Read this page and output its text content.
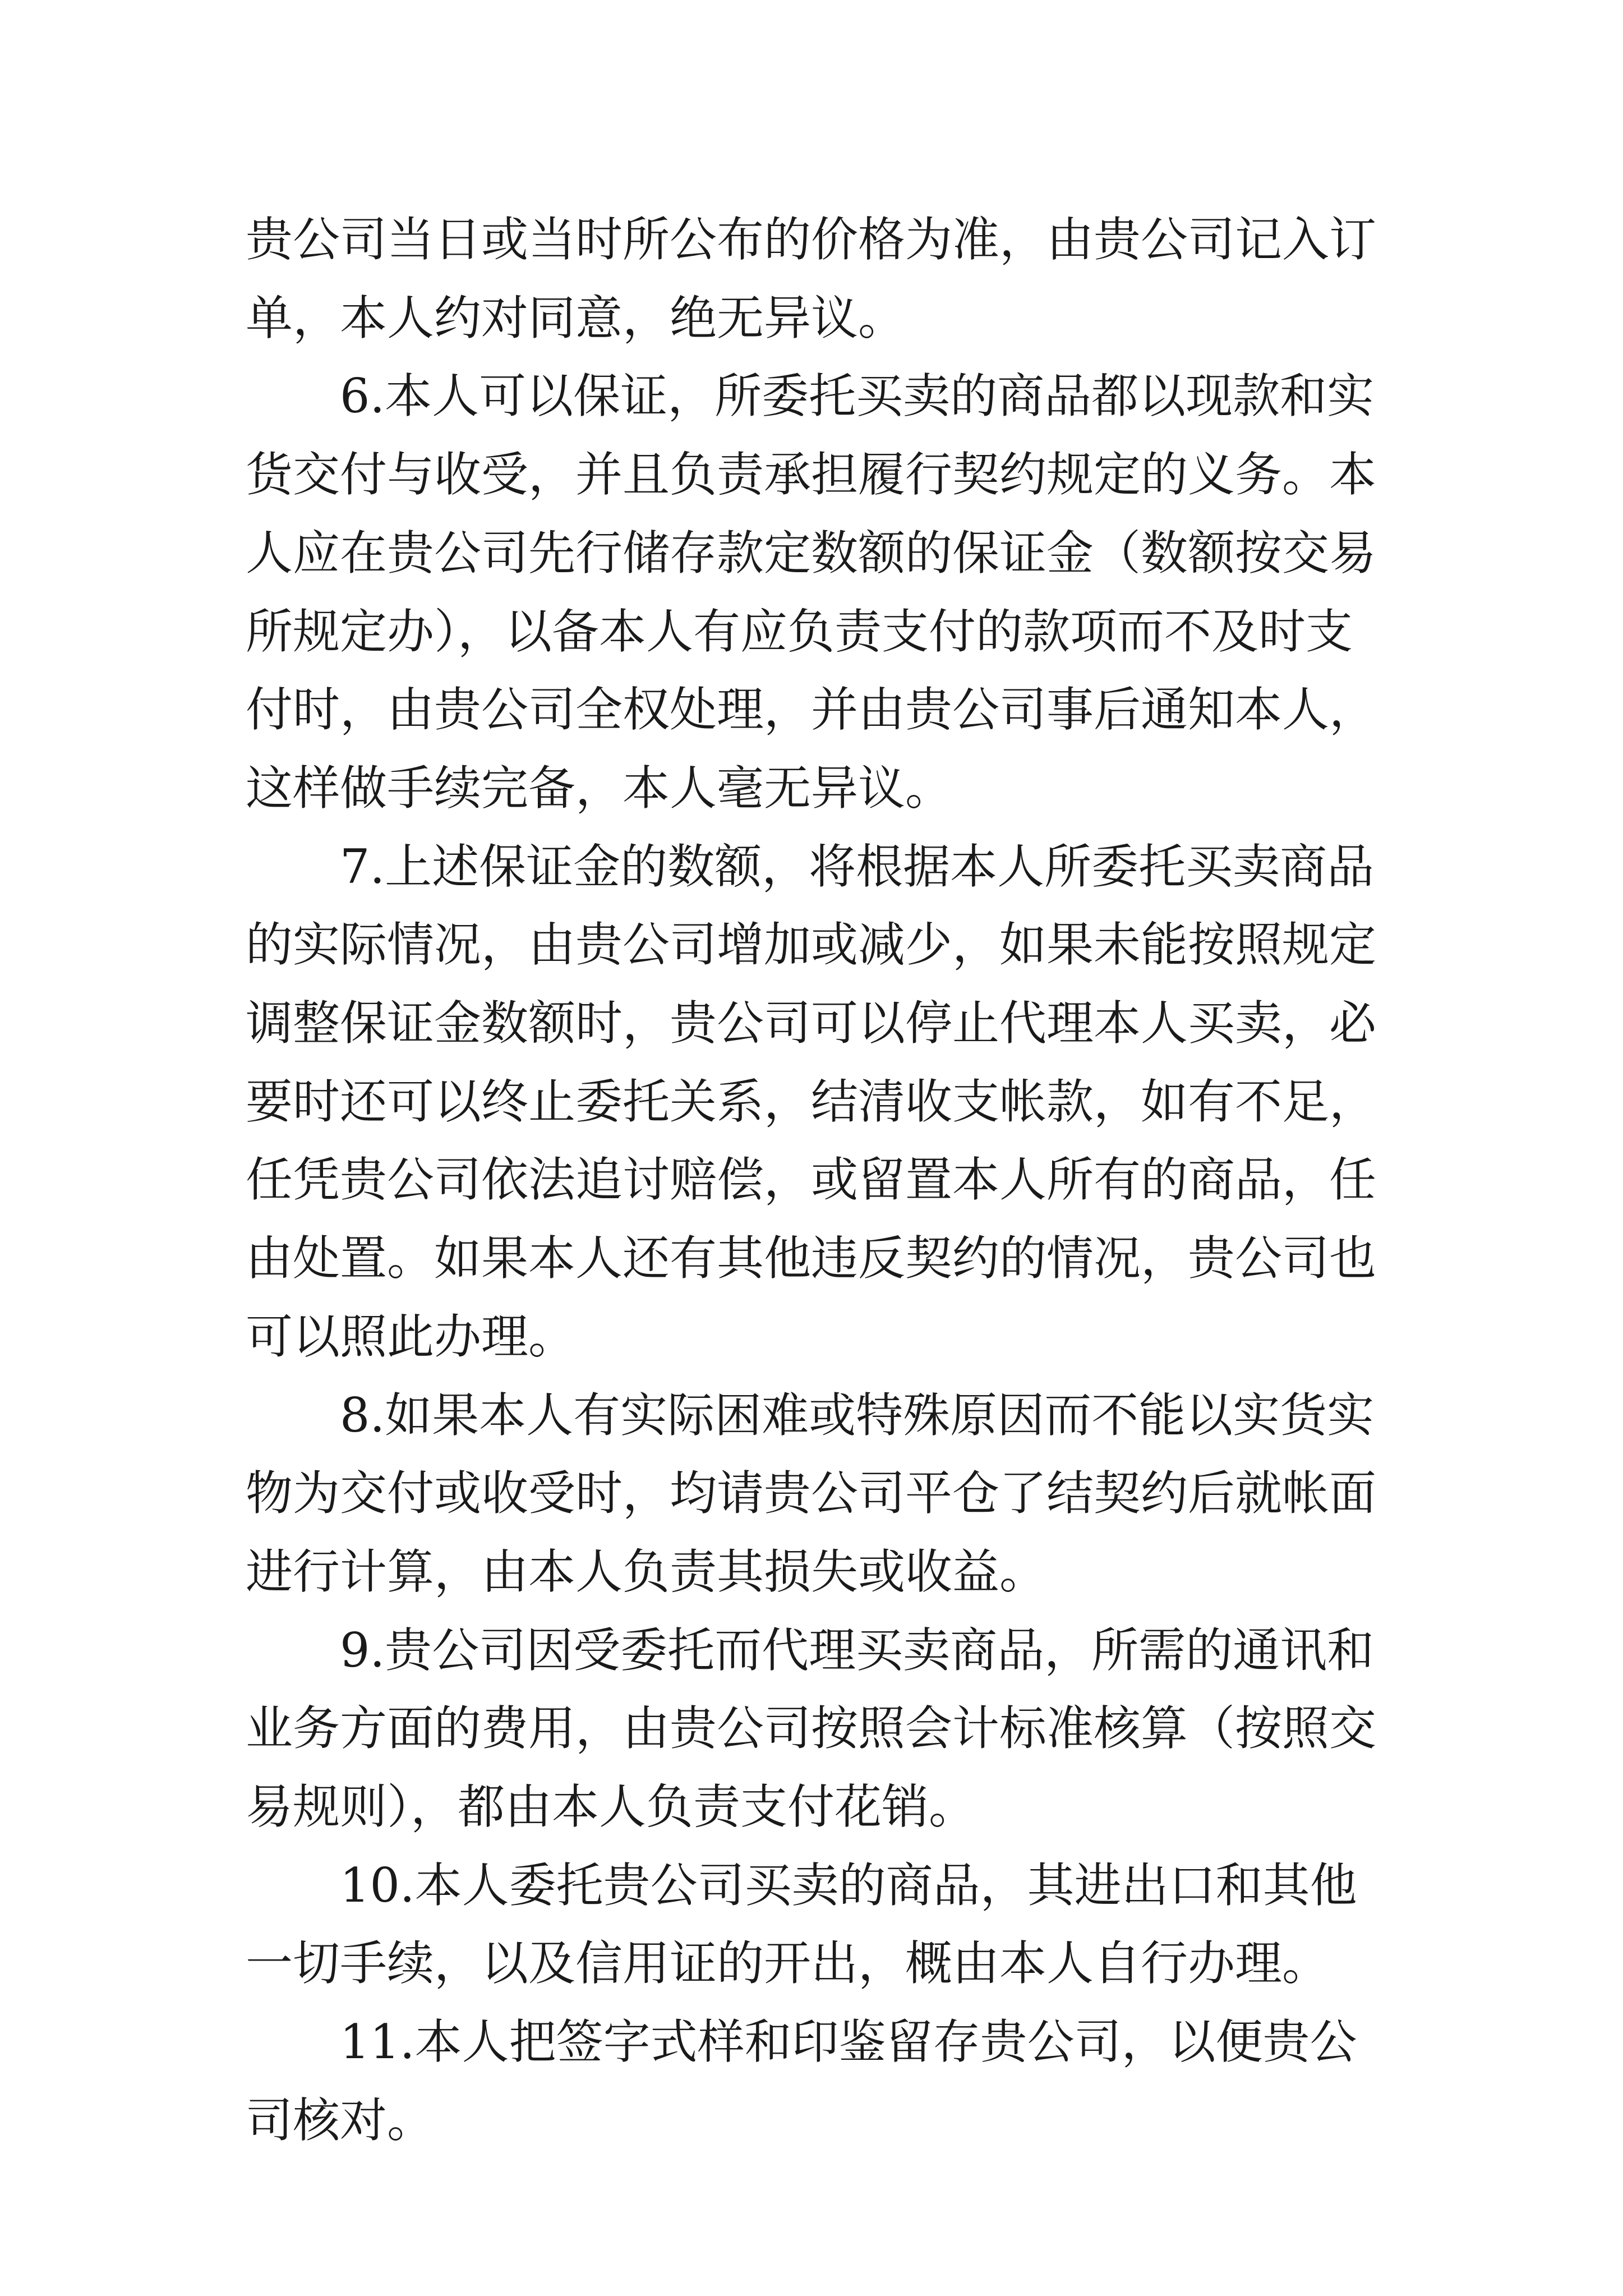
贵公司当日或当时所公布的价格为准，由贵公司记入订单，本人约对同意，绝无异议。

6.本人可以保证，所委托买卖的商品都以现款和实货交付与收受，并且负责承担履行契约规定的义务。本人应在贵公司先行储存款定数额的保证金（数额按交易所规定办），以备本人有应负责支付的款项而不及时支付时，由贵公司全权处理，并由贵公司事后通知本人，这样做手续完备，本人毫无异议。

7.上述保证金的数额，将根据本人所委托买卖商品的实际情况，由贵公司增加或减少，如果未能按照规定调整保证金数额时，贵公司可以停止代理本人买卖，必要时还可以终止委托关系，结清收支帐款，如有不足，任凭贵公司依法追讨赔偿，或留置本人所有的商品，任由处置。如果本人还有其他违反契约的情况，贵公司也可以照此办理。

8.如果本人有实际困难或特殊原因而不能以实货实物为交付或收受时，均请贵公司平仓了结契约后就帐面进行计算，由本人负责其损失或收益。

9.贵公司因受委托而代理买卖商品，所需的通讯和业务方面的费用，由贵公司按照会计标准核算（按照交易规则），都由本人负责支付花销。

10.本人委托贵公司买卖的商品，其进出口和其他一切手续，以及信用证的开出，概由本人自行办理。

11.本人把签字式样和印鉴留存贵公司，以便贵公司核对。
